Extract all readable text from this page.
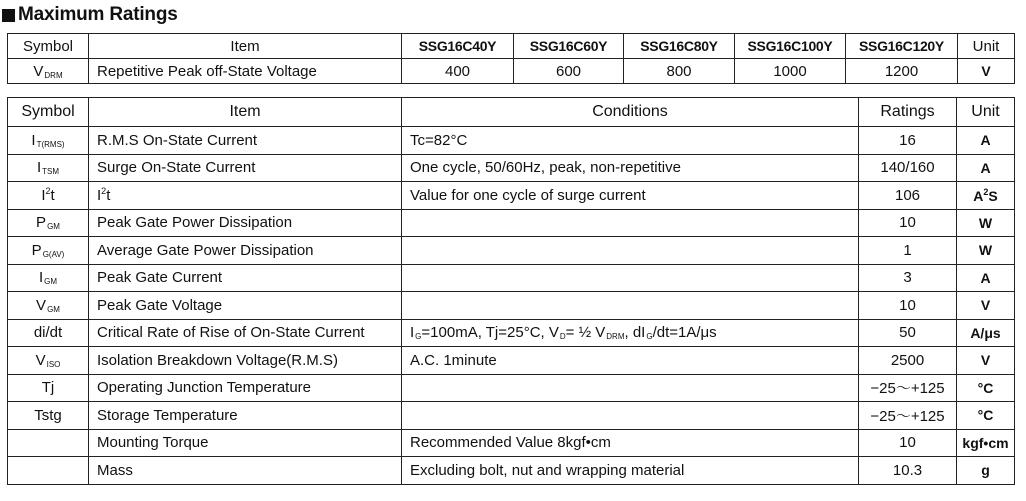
Maximum Ratings
Symbol	Item	SSG16C40Y	SSG16C60Y	SSG16C80Y	SSG16C100Y	SSG16C120Y	Unit
$V_{DRM}$	Repetitive Peak off-State Voltage	400	600	800	1000	1200	V
Symbol	Item	Conditions	Ratings	Unit
$I_{T(RMS)}$	R.M.S On-State Current	Tc=82°C	16	A
$I_{TSM}$	Surge On-State Current	One cycle, 50/60Hz, peak, non-repetitive	140/160	A
$I^2t$	$I^2t$	Value for one cycle of surge current	106	$A^2S$
$P_{GM}$	Peak Gate Power Dissipation		10	W
$P_{G(AV)}$	Average Gate Power Dissipation		1	W
$I_{GM}$	Peak Gate Current		3	A
$V_{GM}$	Peak Gate Voltage		10	V
di/dt	Critical Rate of Rise of On-State Current	$I_G=100mA$, Tj=25°C, $V_D=$ ½ $V_{DRM}$, $dI_G/dt=1A/\mu s$	50	A/μs
$V_{ISO}$	Isolation Breakdown Voltage(R.M.S)	A.C. 1minute	2500	V
Tj	Operating Junction Temperature		−25～+125	°C
Tstg	Storage Temperature		−25～+125	°C
	Mounting Torque	Recommended Value 8kgf•cm	10	kgf•cm
	Mass	Excluding bolt, nut and wrapping material	10.3	g
